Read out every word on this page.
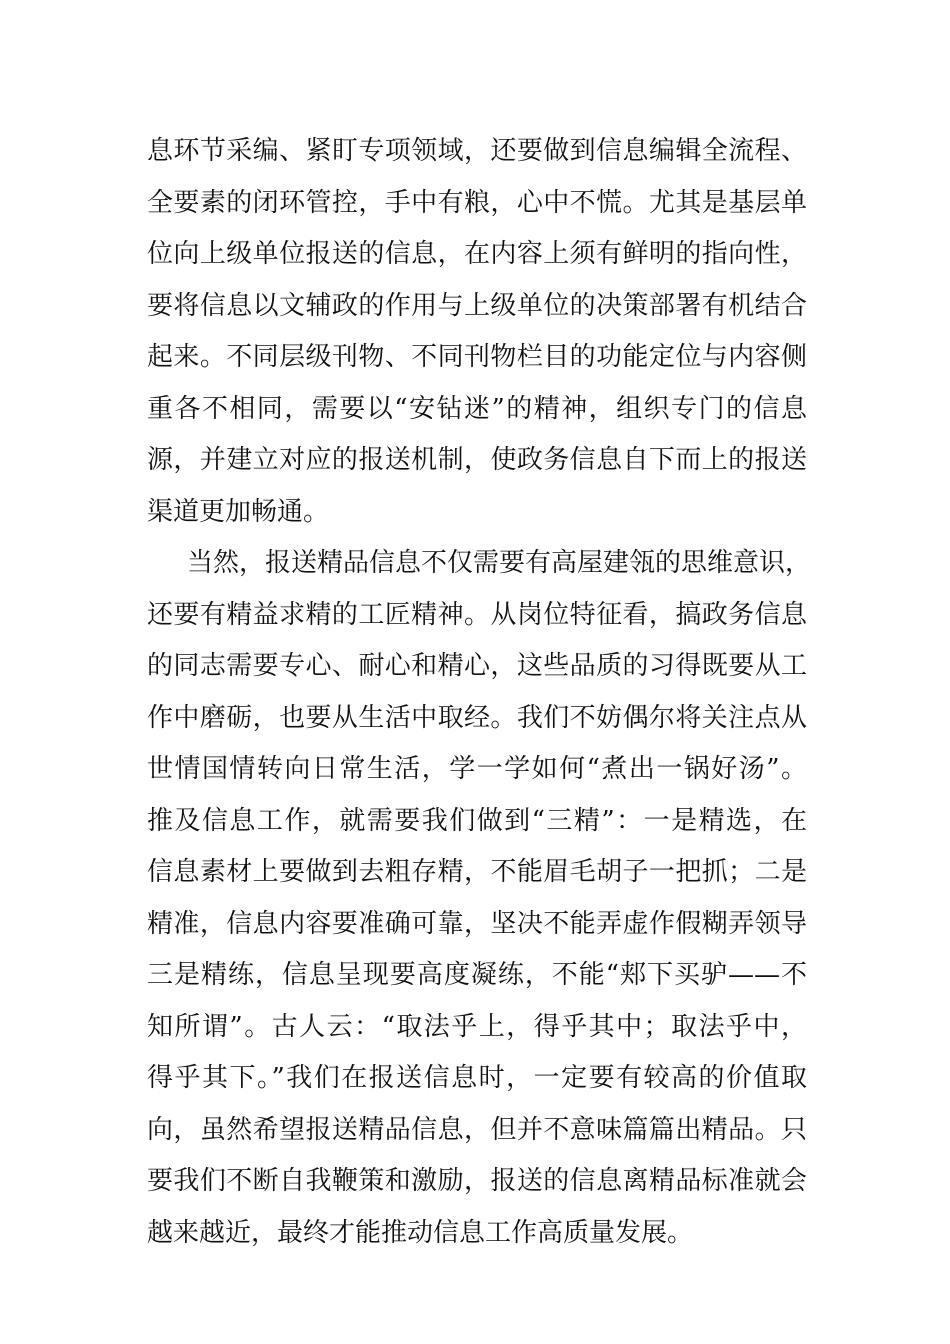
息环节采编、紧盯专项领域，还要做到信息编辑全流程、
全要素的闭环管控，手中有粮，心中不慌。尤其是基层单
位向上级单位报送的信息，在内容上须有鲜明的指向性，
要将信息以文辅政的作用与上级单位的决策部署有机结合
起来。不同层级刊物、不同刊物栏目的功能定位与内容侧
重各不相同，需要以“安钻迷”的精神，组织专门的信息
源，并建立对应的报送机制，使政务信息自下而上的报送
渠道更加畅通。
当然，报送精品信息不仅需要有高屋建瓴的思维意识，
还要有精益求精的工匠精神。从岗位特征看，搞政务信息
的同志需要专心、耐心和精心，这些品质的习得既要从工
作中磨砺，也要从生活中取经。我们不妨偶尔将关注点从
世情国情转向日常生活，学一学如何“煮出一锅好汤”。
推及信息工作，就需要我们做到“三精”：一是精选，在
信息素材上要做到去粗存精，不能眉毛胡子一把抓；二是
精准，信息内容要准确可靠，坚决不能弄虚作假糊弄领导
三是精练，信息呈现要高度凝练，不能“郏下买驴——不
知所谓”。古人云：“取法乎上，得乎其中；取法乎中，
得乎其下。”我们在报送信息时，一定要有较高的价值取
向，虽然希望报送精品信息，但并不意味篇篇出精品。只
要我们不断自我鞭策和激励，报送的信息离精品标准就会
越来越近，最终才能推动信息工作高质量发展。
